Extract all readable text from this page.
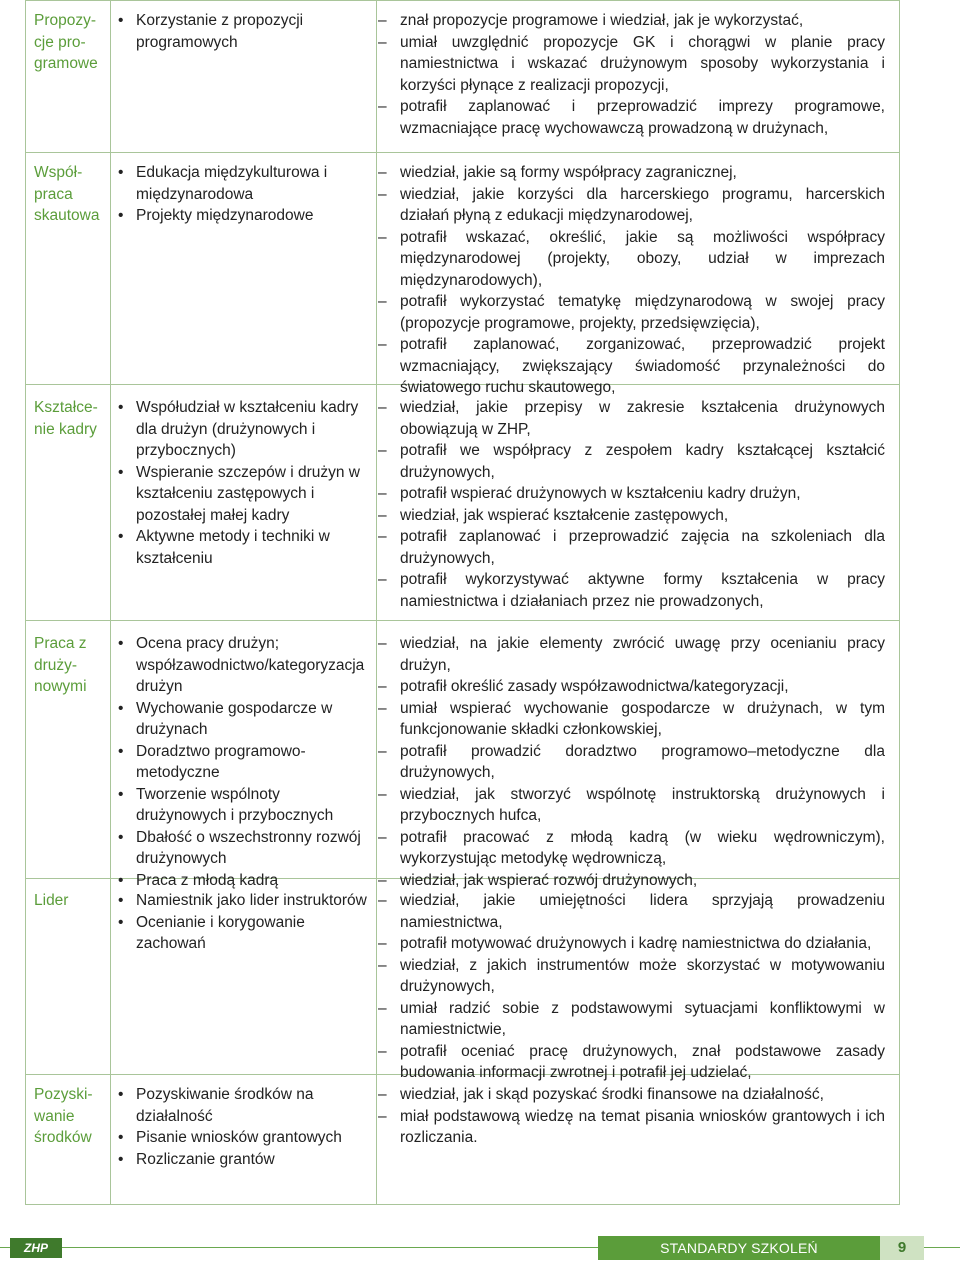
Propozy-cje pro-gramowe
• Korzystanie z propozycji programowych
– znał propozycje programowe i wiedział, jak je wykorzystać,
– umiał uwzględnić propozycje GK i chorągwi w planie pracy namiestnictwa i wskazać drużynowym sposoby wykorzystania i korzyści płynące z realizacji propozycji,
– potrafił zaplanować i przeprowadzić imprezy programowe, wzmacniające pracę wychowawczą prowadzoną w drużynach,
Współ-praca skautowa
• Edukacja międzykulturowa i międzynarodowa
• Projekty międzynarodowe
– wiedział, jakie są formy współpracy zagranicznej,
– wiedział, jakie korzyści dla harcerskiego programu, harcerskich działań płyną z edukacji międzynarodowej,
– potrafił wskazać, określić, jakie są możliwości współpracy międzynarodowej (projekty, obozy, udział w imprezach międzynarodowych),
– potrafił wykorzystać tematykę międzynarodową w swojej pracy (propozycje programowe, projekty, przedsięwzięcia),
– potrafił zaplanować, zorganizować, przeprowadzić projekt wzmacniający, zwiększający świadomość przynależności do światowego ruchu skautowego,
Kształce-nie kadry
• Współudział w kształceniu kadry dla drużyn (drużynowych i przybocznych)
• Wspieranie szczepów i drużyn w kształceniu zastępowych i pozostałej małej kadry
• Aktywne metody i techniki w kształceniu
– wiedział, jakie przepisy w zakresie kształcenia drużynowych obowiązują w ZHP,
– potrafił we współpracy z zespołem kadry kształcącej kształcić drużynowych,
– potrafił wspierać drużynowych w kształceniu kadry drużyn,
– wiedział, jak wspierać kształcenie zastępowych,
– potrafił zaplanować i przeprowadzić zajęcia na szkoleniach dla drużynowych,
– potrafił wykorzystywać aktywne formy kształcenia w pracy namiestnictwa i działaniach przez nie prowadzonych,
Praca z druży-nowymi
• Ocena pracy drużyn; współzawodnictwo/kategoryzacja drużyn
• Wychowanie gospodarcze w drużynach
• Doradztwo programowo-metodyczne
• Tworzenie wspólnoty drużynowych i przybocznych
• Dbałość o wszechstronny rozwój drużynowych
• Praca z młodą kadrą
– wiedział, na jakie elementy zwrócić uwagę przy ocenianiu pracy drużyn,
– potrafił określić zasady współzawodnictwa/kategoryzacji,
– umiał wspierać wychowanie gospodarcze w drużynach, w tym funkcjonowanie składki członkowskiej,
– potrafił prowadzić doradztwo programowo–metodyczne dla drużynowych,
– wiedział, jak stworzyć wspólnotę instruktorską drużynowych i przybocznych hufca,
– potrafił pracować z młodą kadrą (w wieku wędrowniczym), wykorzystując metodykę wędrowniczą,
– wiedział, jak wspierać rozwój drużynowych,
Lider
•	Namiestnik jako lider instruktorów
• Ocenianie i korygowanie zachowań
– wiedział, jakie umiejętności lidera sprzyjają prowadzeniu namiestnictwa,
– potrafił motywować drużynowych i kadrę namiestnictwa do działania,
– wiedział, z jakich instrumentów może skorzystać w motywowaniu drużynowych,
– umiał radzić sobie z podstawowymi sytuacjami konfliktowymi w namiestnictwie,
– potrafił oceniać pracę drużynowych, znał podstawowe zasady budowania informacji zwrotnej i potrafił jej udzielać,
Pozyski-wanie środków
• Pozyskiwanie środków na działalność
• Pisanie wniosków grantowych
• Rozliczanie grantów
– wiedział, jak i skąd pozyskać środki finansowe na działalność,
– miał podstawową wiedzę na temat pisania wniosków grantowych i ich rozliczania.
ZHP	STANDARDY SZKOLEŃ INSTRUKTORSKICH
9
